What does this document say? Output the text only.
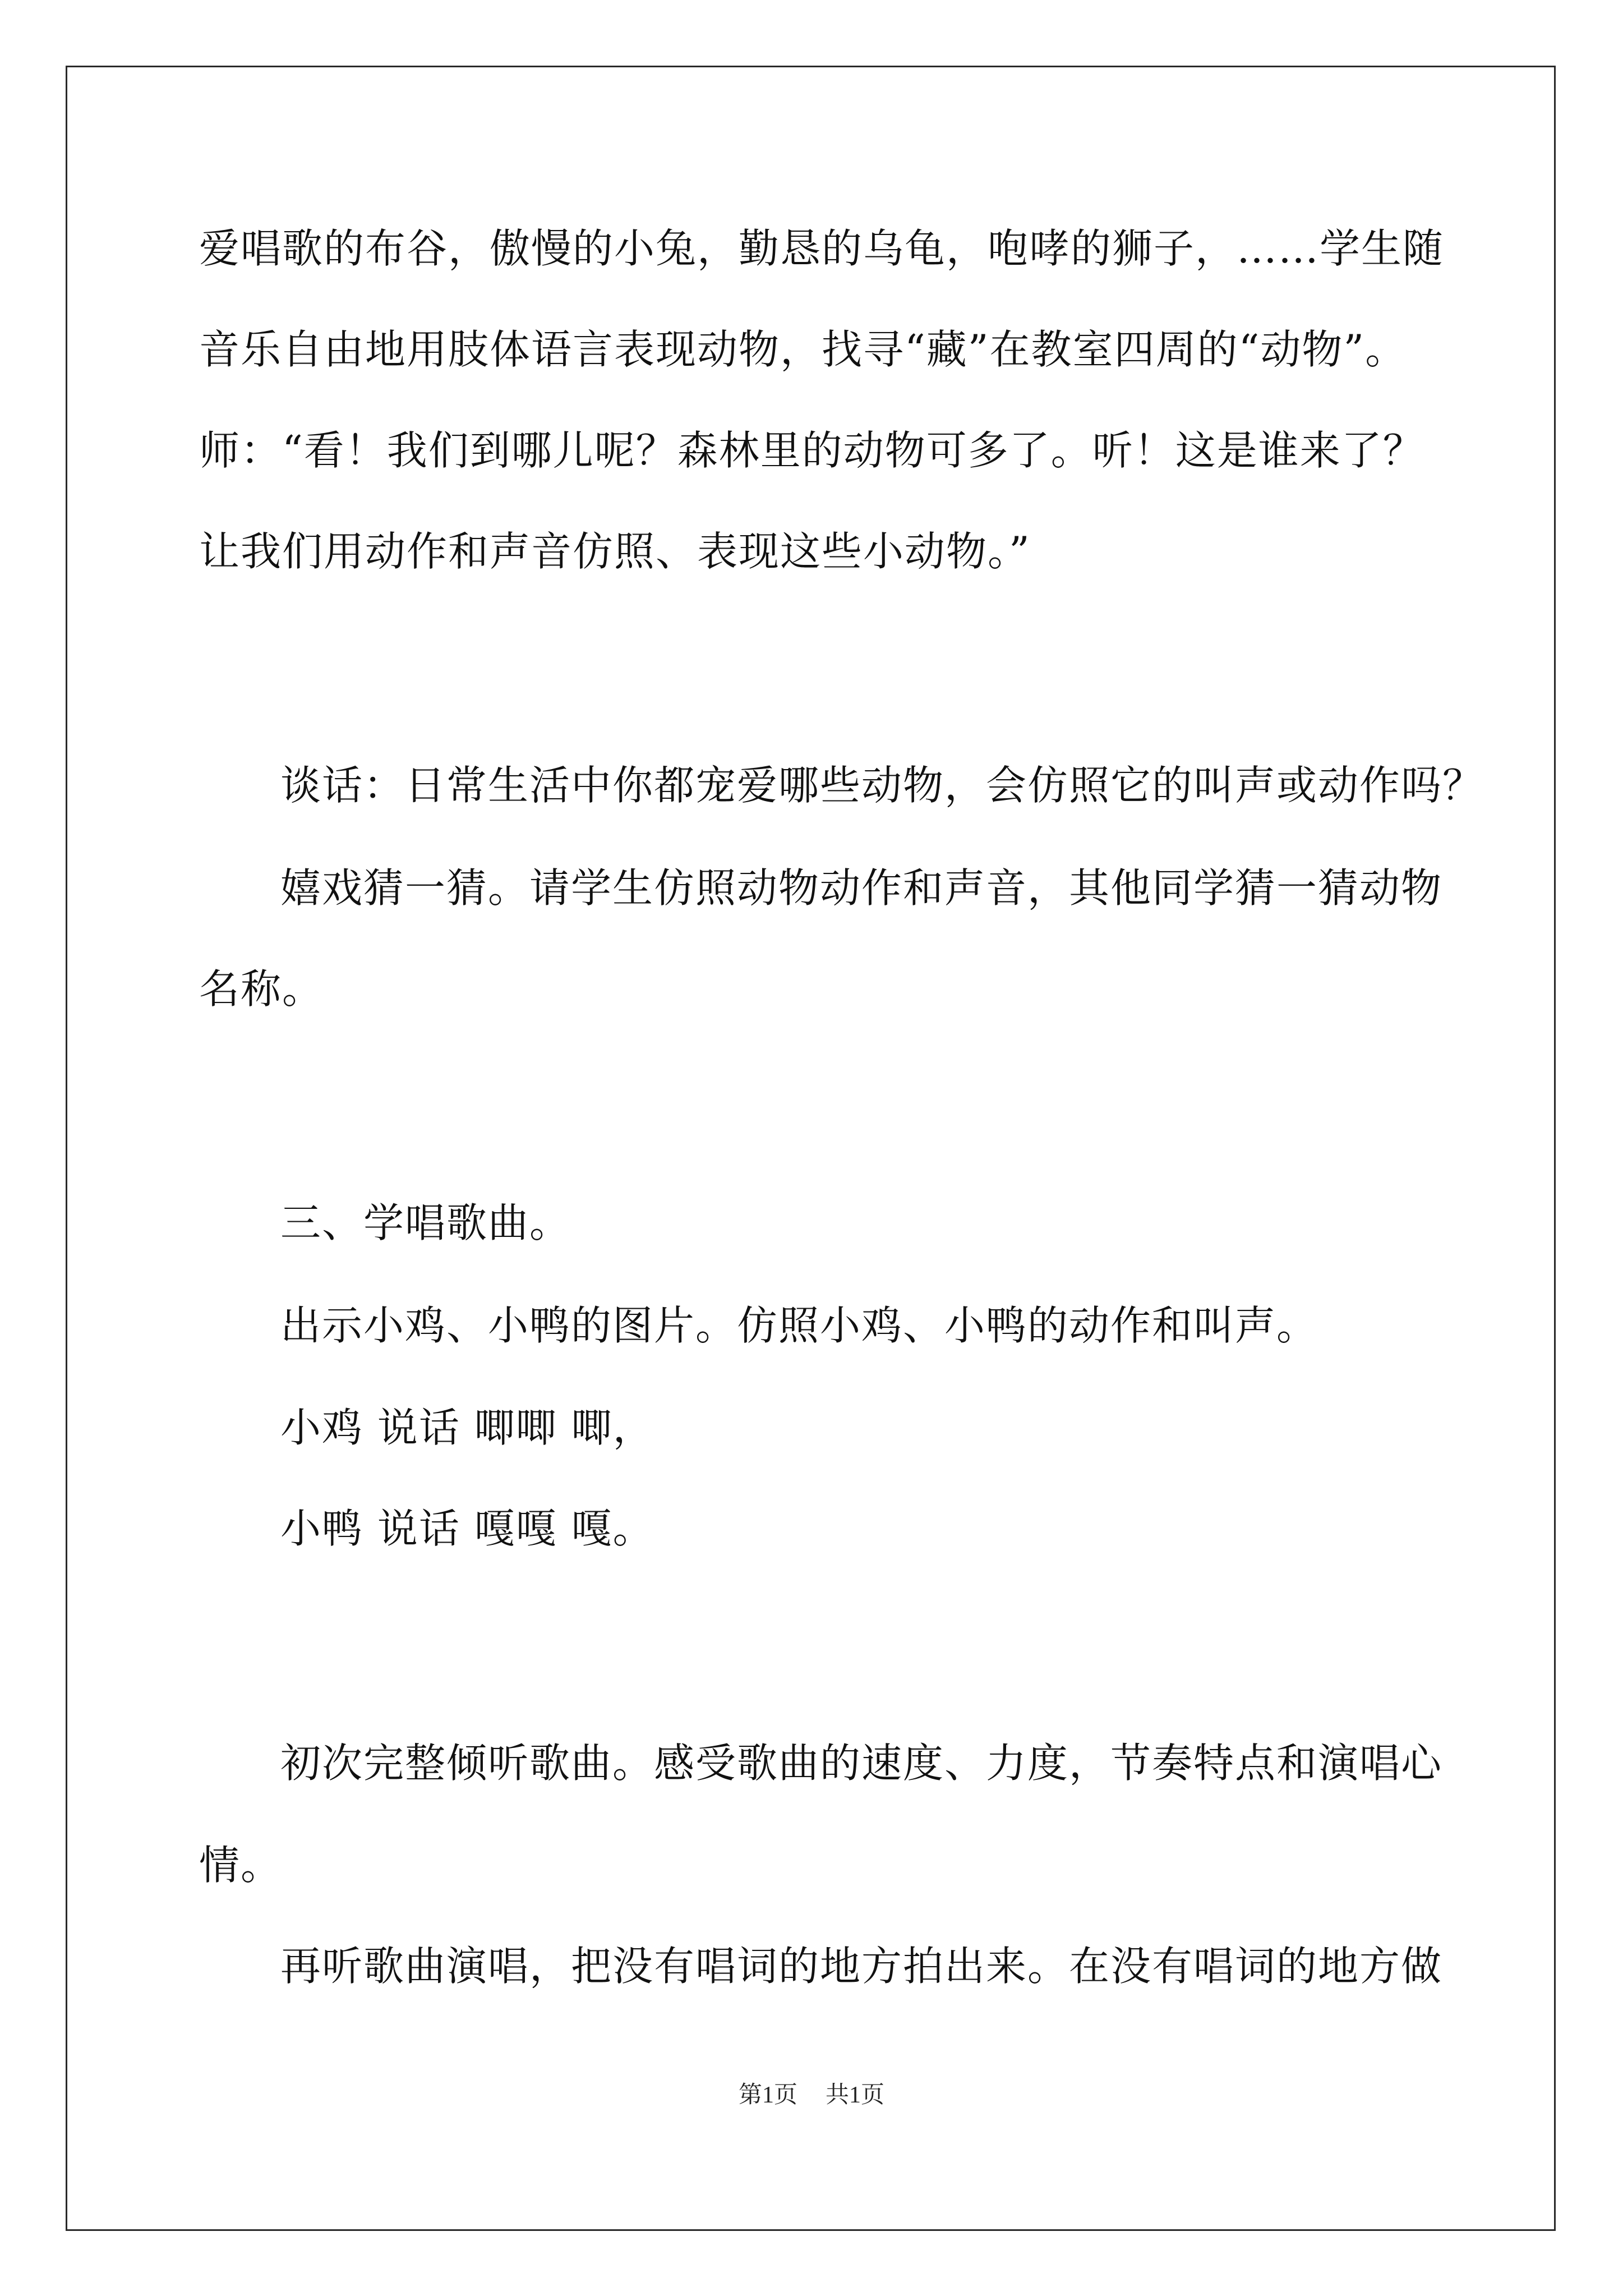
爱唱歌的布谷，傲慢的小兔，勤恳的乌龟，咆哮的狮子，……学生随
音乐自由地用肢体语言表现动物，找寻“藏”在教室四周的“动物”。
师：“看！我们到哪儿呢？森林里的动物可多了。听！这是谁来了？
让我们用动作和声音仿照、表现这些小动物。”
谈话：日常生活中你都宠爱哪些动物，会仿照它的叫声或动作吗？
嬉戏猜一猜。请学生仿照动物动作和声音，其他同学猜一猜动物
名称。
三、学唱歌曲。
出示小鸡、小鸭的图片。仿照小鸡、小鸭的动作和叫声。
小鸡 说话 唧唧 唧，
小鸭 说话 嘎嘎 嘎。
初次完整倾听歌曲。感受歌曲的速度、力度，节奏特点和演唱心
情。
再听歌曲演唱，把没有唱词的地方拍出来。在没有唱词的地方做
第1页 共1页
